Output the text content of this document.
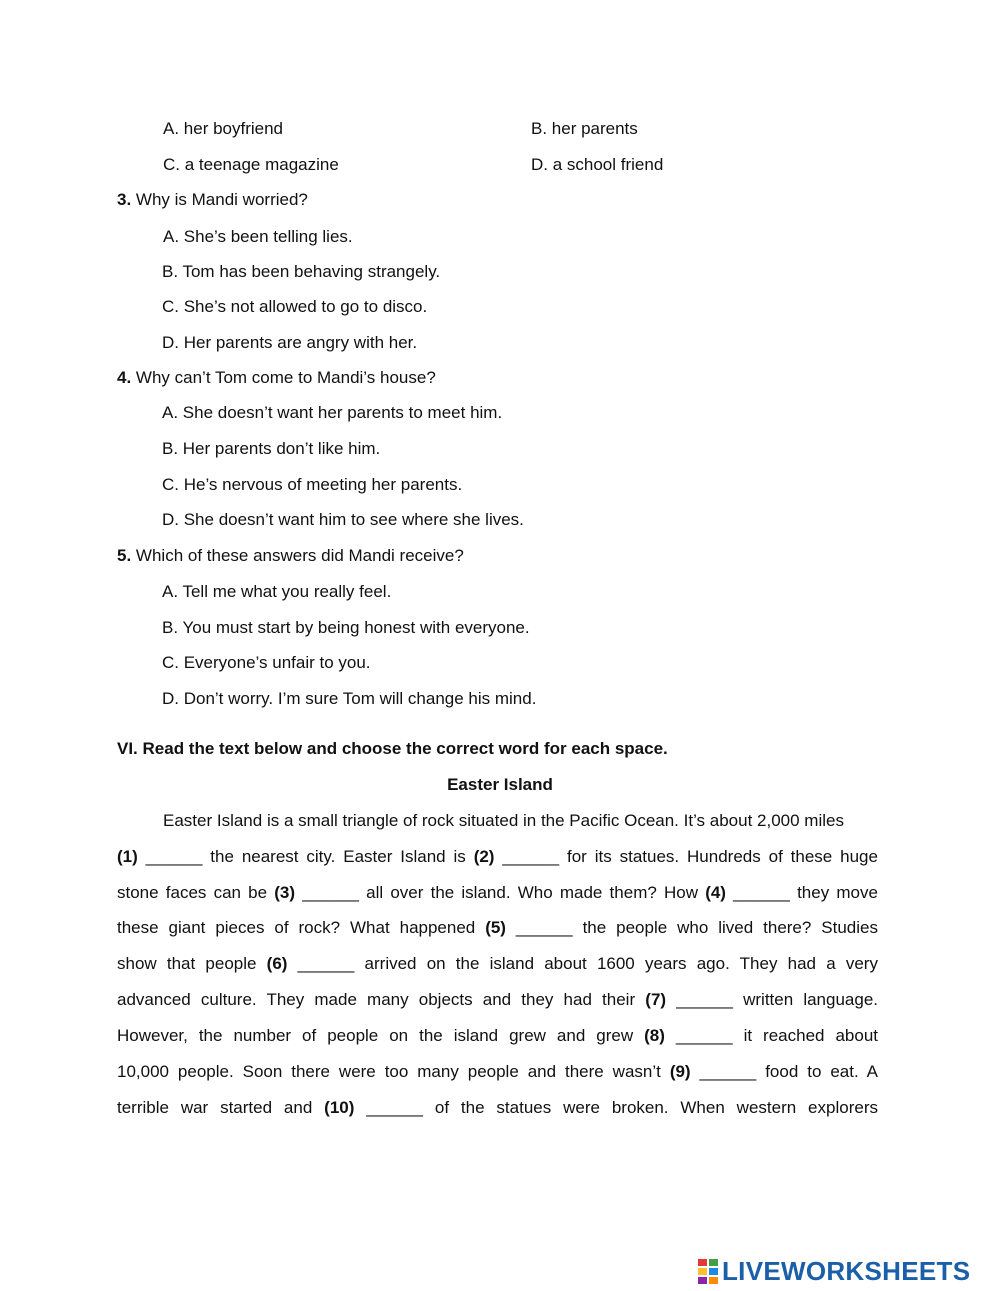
A. her boyfriend	B. her parents
C. a teenage magazine	D. a school friend
3. Why is Mandi worried?
A. She’s been telling lies.
B. Tom has been behaving strangely.
C. She’s not allowed to go to disco.
D. Her parents are angry with her.
4. Why can’t Tom come to Mandi’s house?
A. She doesn’t want her parents to meet him.
B. Her parents don’t like him.
C. He’s nervous of meeting her parents.
D. She doesn’t want him to see where she lives.
5. Which of these answers did Mandi receive?
A. Tell me what you really feel.
B. You must start by being honest with everyone.
C. Everyone’s unfair to you.
D. Don’t worry. I’m sure Tom will change his mind.
VI. Read the text below and choose the correct word for each space.
Easter Island
Easter Island is a small triangle of rock situated in the Pacific Ocean. It’s about 2,000 miles
(1) ______ the nearest city. Easter Island is (2) ______ for its statues. Hundreds of these huge
stone faces can be (3) ______ all over the island. Who made them? How (4) ______ they move
these giant pieces of rock? What happened (5) ______ the people who lived there? Studies
show that people (6) ______ arrived on the island about 1600 years ago. They had a very
advanced culture. They made many objects and they had their (7) ______ written language.
However, the number of people on the island grew and grew (8) ______ it reached about
10,000 people. Soon there were too many people and there wasn’t (9) ______ food to eat. A
terrible war started and (10) ______ of the statues were broken. When western explorers
LIVEWORKSHEETS
